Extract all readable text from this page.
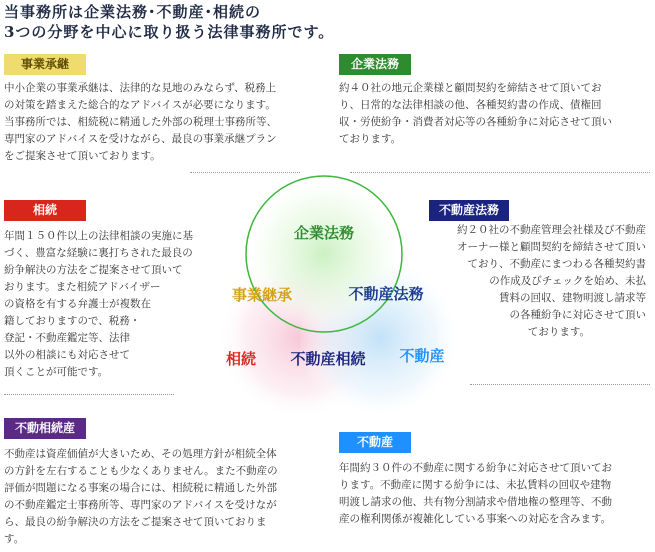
当事務所は企業法務･不動産･相続の
3つの分野を中心に取り扱う法律事務所です。
事業承継
中小企業の事業承継は、法律的な見地のみならず、税務上
の対策を踏まえた総合的なアドバイスが必要になります。
当事務所では、相続税に精通した外部の税理士事務所等、
専門家のアドバイスを受けながら、最良の事業承継プラン
をご提案させて頂いております。
企業法務
約４０社の地元企業様と顧問契約を締結させて頂いてお
り、日常的な法律相談の他、各種契約書の作成、債権回
収・労使紛争・消費者対応等の各種紛争に対応させて頂い
ております。
相続
年間１５０件以上の法律相談の実施に基
づく、豊富な経験に裏打ちされた最良の
紛争解決の方法をご提案させて頂いて
おります。また相続アドバイザー
の資格を有する弁護士が複数在
籍しておりますので、税務・
登記・不動産鑑定等、法律
以外の相談にも対応させて
頂くことが可能です。
不動産法務
約２０社の不動産管理会社様及び不動産
オーナー様と顧問契約を締結させて頂い
ており、不動産にまつわる各種契約書
の作成及びチェックを始め、未払
賃料の回収、建物明渡し請求等
の各種紛争に対応させて頂い
ております。
不動相続産
不動産は資産価値が大きいため、その処理方針が相続全体
の方針を左右することも少なくありません。また不動産の
評価が問題になる事案の場合には、相続税に精通した外部
の不動産鑑定士事務所等、専門家のアドバイスを受けなが
ら、最良の紛争解決の方法をご提案させて頂いておりま
す。
不動産
年間約３０件の不動産に関する紛争に対応させて頂いてお
ります。不動産に関する紛争には、未払賃料の回収や建物
明渡し請求の他、共有物分割請求や借地権の整理等、不動
産の権利関係が複雑化している事案への対応を含みます。
企業法務
事業継承	不動産法務
相続 不動産相続 不動産
